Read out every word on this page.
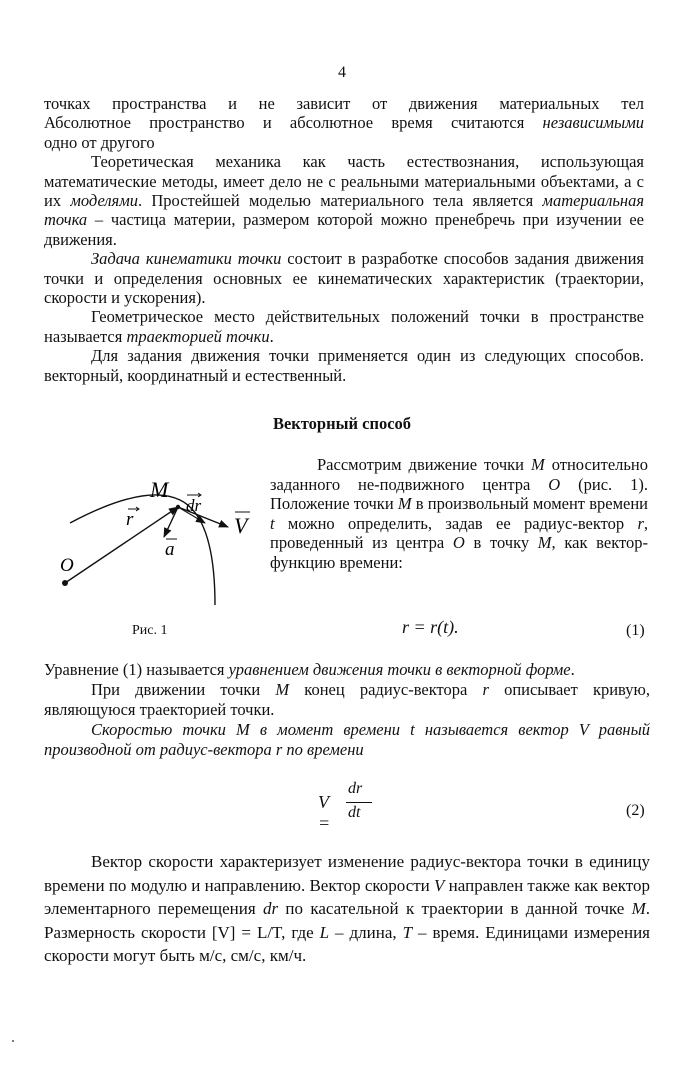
4

точках пространства и не зависит от движения материальных тел

Абсолютное пространство и абсолютное время считаются независимыми

одно от другого

Теоретическая механика как часть естествознания, использующая математические методы, имеет дело не с реальными материальными объектами, а с их моделями. Простейшей моделью материального тела является материальная точка – частица материи, размером которой можно пренебречь при изучении ее движения.

Задача кинематики точки состоит в разработке способов задания движения точки и определения основных ее кинематических характеристик (траектории, скорости и ускорения).

Геометрическое место действительных положений точки в пространстве называется траекторией точки.

Для задания движения точки применяется один из следующих способов. векторный, координатный и естественный.

Векторный способ
M
dr
r	V
a
O
Рис. 1

Рассмотрим движение точки M относительно заданного не-подвижного центра O (рис. 1). Положение точки M в произвольный момент времени t можно определить, задав ее радиус-вектор r, проведенный из центра O в точку M, как вектор-функцию времени:

r = r(t).	(1)

Уравнение (1) называется уравнением движения точки в векторной форме.

При движении точки M конец радиус-вектора r описывает кривую, являющуюся траекторией точки.

Скоростью точки M в момент времени t называется вектор V равный производной от радиус-вектора r по времени

V =
dr
dt	(2)

Вектор скорости характеризует изменение радиус-вектора точки в единицу времени по модулю и направлению. Вектор скорости V направлен также как вектор элементарного перемещения dr по касательной к траектории в данной точке M. Размерность скорости [V] = L/T, где L – длина, T – время. Единицами измерения скорости могут быть м/с, см/с, км/ч.
